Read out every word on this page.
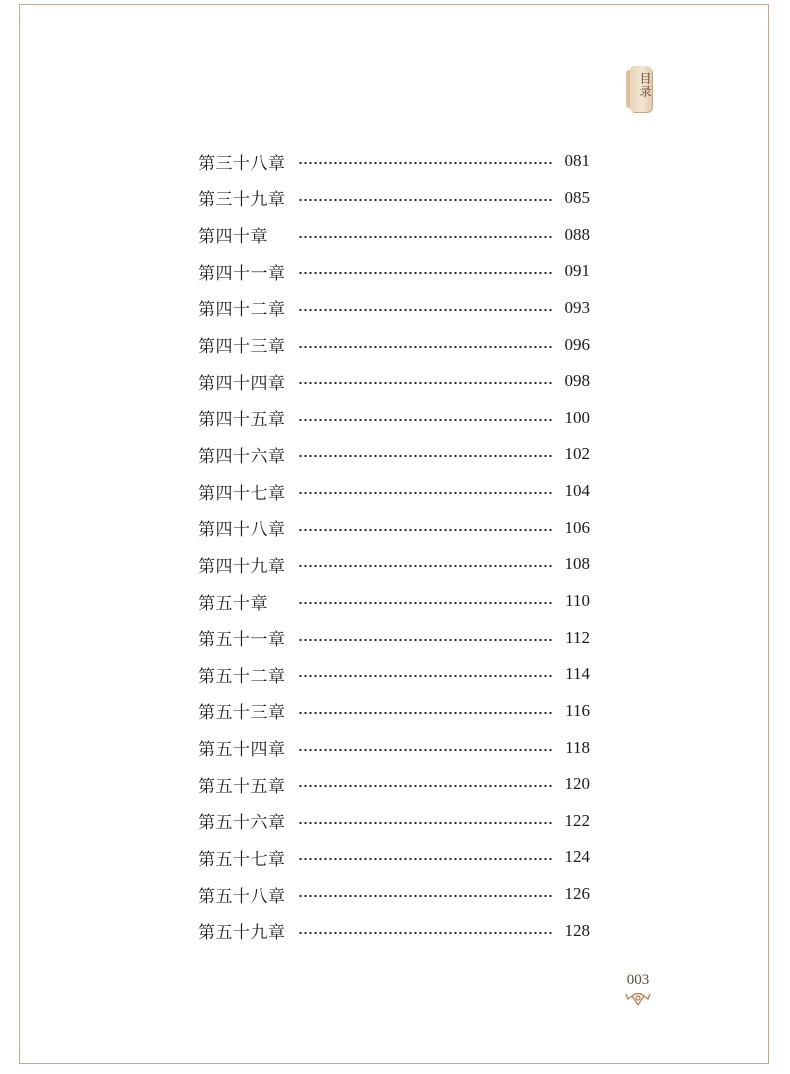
目录
第三十八章	081
第三十九章	085
第四十章	088
第四十一章	091
第四十二章	093
第四十三章	096
第四十四章	098
第四十五章	100
第四十六章	102
第四十七章	104
第四十八章	106
第四十九章	108
第五十章	110
第五十一章	112
第五十二章	114
第五十三章	116
第五十四章	118
第五十五章	120
第五十六章	122
第五十七章	124
第五十八章	126
第五十九章	128
003
